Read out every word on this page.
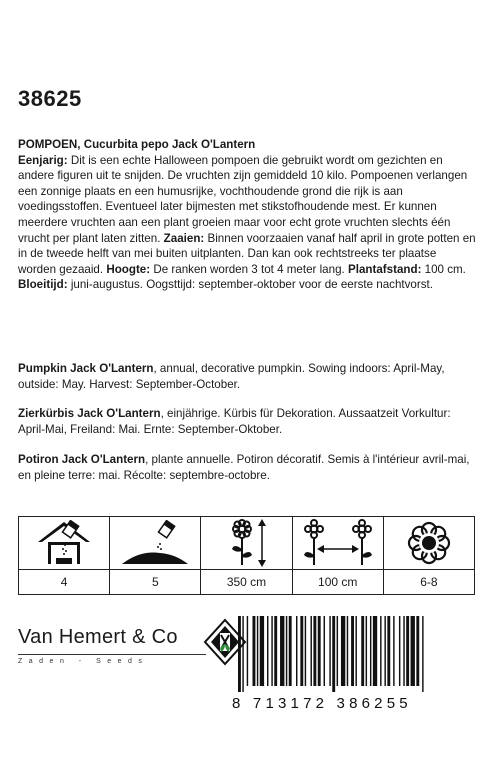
38625
POMPOEN, Cucurbita pepo Jack O'Lantern
Eenjarig: Dit is een echte Halloween pompoen die gebruikt wordt om gezichten en andere figuren uit te snijden. De vruchten zijn gemiddeld 10 kilo. Pompoenen verlangen een zonnige plaats en een humusrijke, vochthoudende grond die rijk is aan voedingsstoffen. Eventueel later bijmesten met stikstofhoudende mest. Er kunnen meerdere vruchten aan een plant groeien maar voor echt grote vruchten slechts één vrucht per plant laten zitten. Zaaien: Binnen voorzaaien vanaf half april in grote potten en in de tweede helft van mei buiten uitplanten. Dan kan ook rechtstreeks ter plaatse worden gezaaid. Hoogte: De ranken worden 3 tot 4 meter lang. Plantafstand: 100 cm. Bloeitijd: juni-augustus. Oogsttijd: september-oktober voor de eerste nachtvorst.
Pumpkin Jack O'Lantern, annual, decorative pumpkin. Sowing indoors: April-May, outside: May. Harvest: September-October.
Zierkürbis Jack O'Lantern, einjährige. Kürbis für Dekoration. Aussaatzeit Vorkultur: April-Mai, Freiland: Mai. Ernte: September-Oktober.
Potiron Jack O'Lantern, plante annuelle. Potiron décoratif. Semis à l'intérieur avril-mai, en pleine terre: mai. Récolte: septembre-octobre.
4	5	350 cm	100 cm	6-8
Van Hemert & Co
Zaden - Seeds
8 713172 386255
